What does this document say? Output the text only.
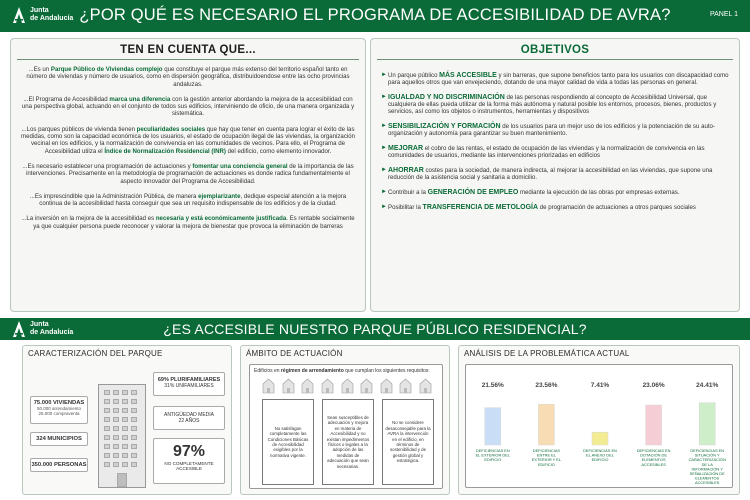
Junta
de Andalucía ¿POR QUÉ ES NECESARIO EL PROGRAMA DE ACCESIBILIDAD DE AVRA?	PANEL 1
TEN EN CUENTA QUE...

...Es un Parque Público de Viviendas complejo que constituye el parque más extenso del territorio español tanto en número de viviendas y número de usuarios, como en dispersión geográfica, distribuidoendose entre las ocho provincias andaluzas.

...El Programa de Accesibilidad marca una diferencia con la gestión anterior abordando la mejora de la accesibilidad con una perspectiva global, actuando en el conjunto de todos sus edificios, interviniendo de oficio, de una manera organizada y sistemática.

...Los parques públicos de vivienda tienen peculiaridades sociales que hay que tener en cuenta para lograr el éxito de las medidas, como son la capacidad económica de los usuarios, el estado de ocupación ilegal de las viviendas, la organización vecinal en los edificios, y la normalización de convivencia en las comunidades de vecinos. Para ello, el Programa de Accesibilidad utilza el Índice de Normalización Residencial (INR) del edificio, como elemento innovador.

...Es necesario establecer una programación de actuaciones y fomentar una conciencia general de la importancia de las intervenciones. Precisamente en la metodología de programación de actuaciones es donde radica fundamentalmente el aspecto innovador del Programa de Accesibilidad.

...Es imprescindible que la Administración Pública, de manera ejemplarizante, dedique especial atención a la mejora continua de la accesibilidad hasta conseguir que sea un requisito indispensable de los edificios y de la ciudad.

...La inversión en la mejora de la accesibilidad es necesaria y está económicamente justificada. Es rentable socialmente ya que cualquier persona puede reconocer y valorar la mejora de bienestar que provoca la eliminación de barreras

OBJETIVOS
► Un parque público MÁS ACCESIBLE y sin barreras, que supone beneficios tanto para los usuarios con discapacidad como para aquellos otros que van envejeciendo, dotando de una mayor calidad de vida a todas las personas en general.
► IGUALDAD Y NO DISCRIMINACIÓN de las personas respondiendo al concepto de Accesibilidad Universal, que cualquiera de ellas pueda utilizar de la forma más autónoma y natural posible los entornos, procesos, bienes, productos y servicios, así como los objetos o instrumentos, herramientas y dispositivos
► SENSIBILIZACIÓN Y FORMACIÓN de los usuarios para un mejor uso de los edificios y la potenciación de su auto-organización y autonomía para garantizar su buen mantenimiento.
► MEJORAR el cobro de las rentas, el estado de ocupación de las viviendas y la normalización de convivencia en las comunidades de usuarios, mediante las intervenciones priorizadas en edificios
► AHORRAR costes para la sociedad, de manera indirecta, al mejorar la accesibilidad en las viviendas, que supone una reducción de la asistencia social y sanitaria a domicilio.
► Contribuir a la GENERACIÓN DE EMPLEO mediante la ejecución de las obras por empresas externas.
► Posibilitar la TRANSFERENCIA DE METOLOGÍA de programación de actuaciones a otros parques sociales
Junta
de Andalucía	¿ES ACCESIBLE NUESTRO PARQUE PÚBLICO RESIDENCIAL?
CARACTERIZACIÓN DEL PARQUE
75.000 VIVIENDAS
50.000 arrendamiento
25.000 compraventa
324 MUNICIPIOS
350.000 PERSONAS
69% PLURIFAMILIARES
31% UNIFAMILIARES
ANTIGÜEDAD MEDIA
22 AÑOS
97%
NO COMPLETAMENTE
ACCESIBLE
ÁMBITO DE ACTUACIÓN
Edificios en régimen de arrendamiento que cumplan los siguientes requisitos:
No satisfagan completamente las Condiciones Básicas de Accesibilidad exigibles por la normativa vigente.
Sean susceptibles de adecuación y mejora en materia de Accesibilidad y no existan impedimentos físicos o legales a la adopción de las medidas de adecuación que sean necesarias.
No se considere desaconsejable para la AVRA la intervención en el edificio, en términos de sostenibilidad y de gestión global y estratégica.
ANÁLISIS DE LA PROBLEMÁTICA ACTUAL
21.56%
DEFICIENCIAS EN EL EXTERIOR DEL EDIFICIO
23.56%
DEFICIENCIAS ENTRE EL EXTERIOR Y EL EDIFICIO
7.41%
DEFICIENCIAS EN EL ANEXO DEL EDIFICIO
23.06%
DEFICIENCIAS EN DOTACIÓN DE ELEMENTOS ACCESIBLES
24.41%
DEFICIENCIAS EN SITUACIÓN Y CARACTERIZACIÓN DE LA INFORMACIÓN Y SEÑALIZACIÓN DE ELEMENTOS ACCESIBLES
